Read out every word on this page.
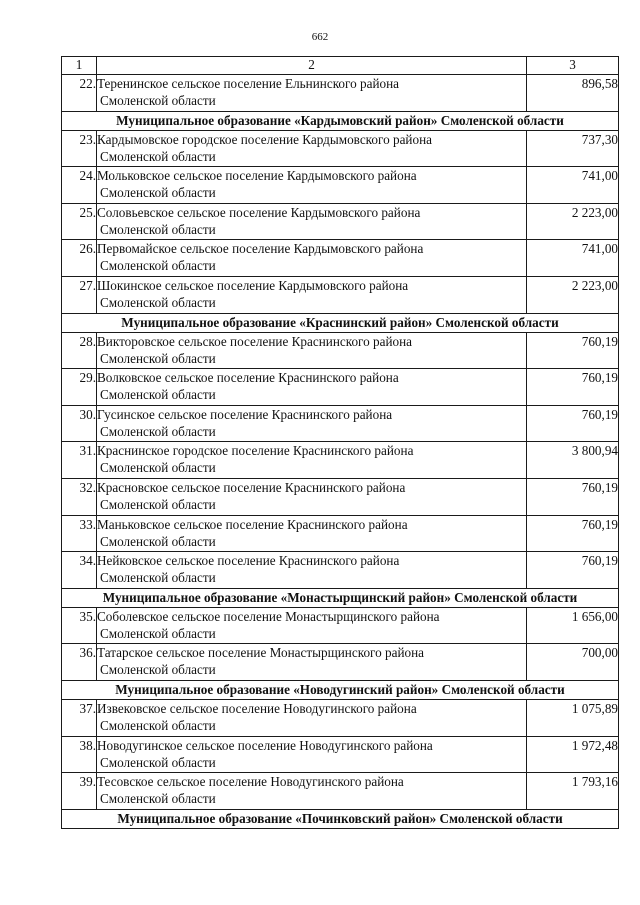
662
1	2	3
22.	Теренинское сельское поселение Ельнинского района
Смоленской области	896,58

Муниципальное образование «Кардымовский район» Смоленской области		
23.	Кардымовское городское поселение Кардымовского района
Смоленской области	737,30

24.	Мольковское сельское поселение Кардымовского района
Смоленской области	741,00

25.	Соловьевское сельское поселение Кардымовского района
Смоленской области	2 223,00

26.	Первомайское сельское поселение Кардымовского района
Смоленской области	741,00

27.	Шокинское сельское поселение Кардымовского района
Смоленской области	2 223,00

Муниципальное образование «Краснинский район» Смоленской области		
28.	Викторовское сельское поселение Краснинского района
Смоленской области	760,19

29.	Волковское сельское поселение Краснинского района
Смоленской области	760,19

30.	Гусинское сельское поселение Краснинского района
Смоленской области	760,19

31.	Краснинское городское поселение Краснинского района
Смоленской области	3 800,94

32.	Красновское сельское поселение Краснинского района
Смоленской области	760,19

33.	Маньковское сельское поселение Краснинского района
Смоленской области	760,19

34.	Нейковское сельское поселение Краснинского района
Смоленской области	760,19

Муниципальное образование «Монастырщинский район» Смоленской области		
35.	Соболевское сельское поселение Монастырщинского района
Смоленской области	1 656,00

36.	Татарское сельское поселение Монастырщинского района
Смоленской области	700,00

Муниципальное образование «Новодугинский район» Смоленской области		
37.	Извековское сельское поселение Новодугинского района
Смоленской области	1 075,89

38.	Новодугинское сельское поселение Новодугинского района
Смоленской области	1 972,48

39.	Тесовское сельское поселение Новодугинского района
Смоленской области	1 793,16

Муниципальное образование «Починковский район» Смоленской области		
